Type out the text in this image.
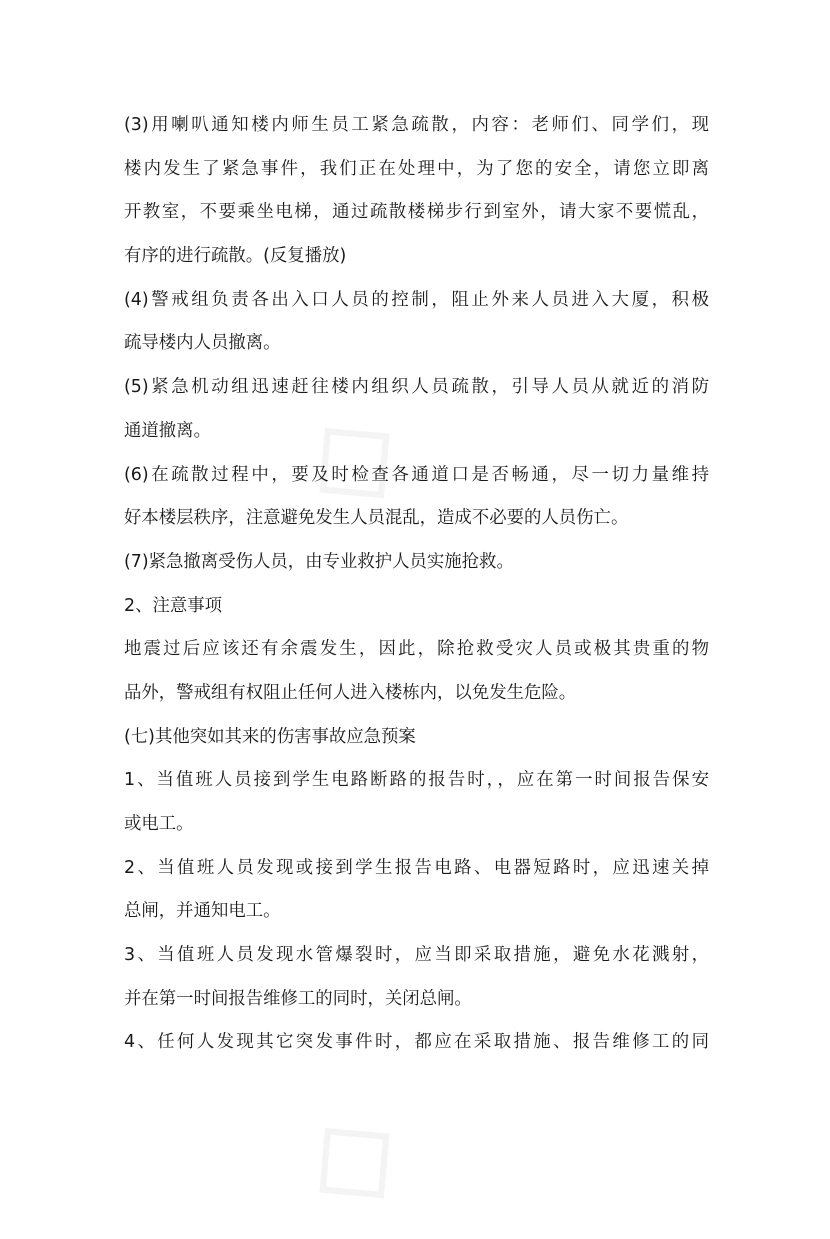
(3)用喇叭通知楼内师生员工紧急疏散，内容：老师们、同学们，现
楼内发生了紧急事件，我们正在处理中，为了您的安全，请您立即离
开教室，不要乘坐电梯，通过疏散楼梯步行到室外，请大家不要慌乱，
有序的进行疏散。(反复播放)
(4)警戒组负责各出入口人员的控制，阻止外来人员进入大厦，积极
疏导楼内人员撤离。
(5)紧急机动组迅速赶往楼内组织人员疏散，引导人员从就近的消防
通道撤离。
(6)在疏散过程中，要及时检查各通道口是否畅通，尽一切力量维持
好本楼层秩序，注意避免发生人员混乱，造成不必要的人员伤亡。
(7)紧急撤离受伤人员，由专业救护人员实施抢救。
2、注意事项
地震过后应该还有余震发生，因此，除抢救受灾人员或极其贵重的物
品外，警戒组有权阻止任何人进入楼栋内，以免发生危险。
(七)其他突如其来的伤害事故应急预案
1、当值班人员接到学生电路断路的报告时，，应在第一时间报告保安
或电工。
2、当值班人员发现或接到学生报告电路、电器短路时，应迅速关掉
总闸，并通知电工。
3、当值班人员发现水管爆裂时，应当即采取措施，避免水花溅射，
并在第一时间报告维修工的同时，关闭总闸。
4、任何人发现其它突发事件时，都应在采取措施、报告维修工的同
